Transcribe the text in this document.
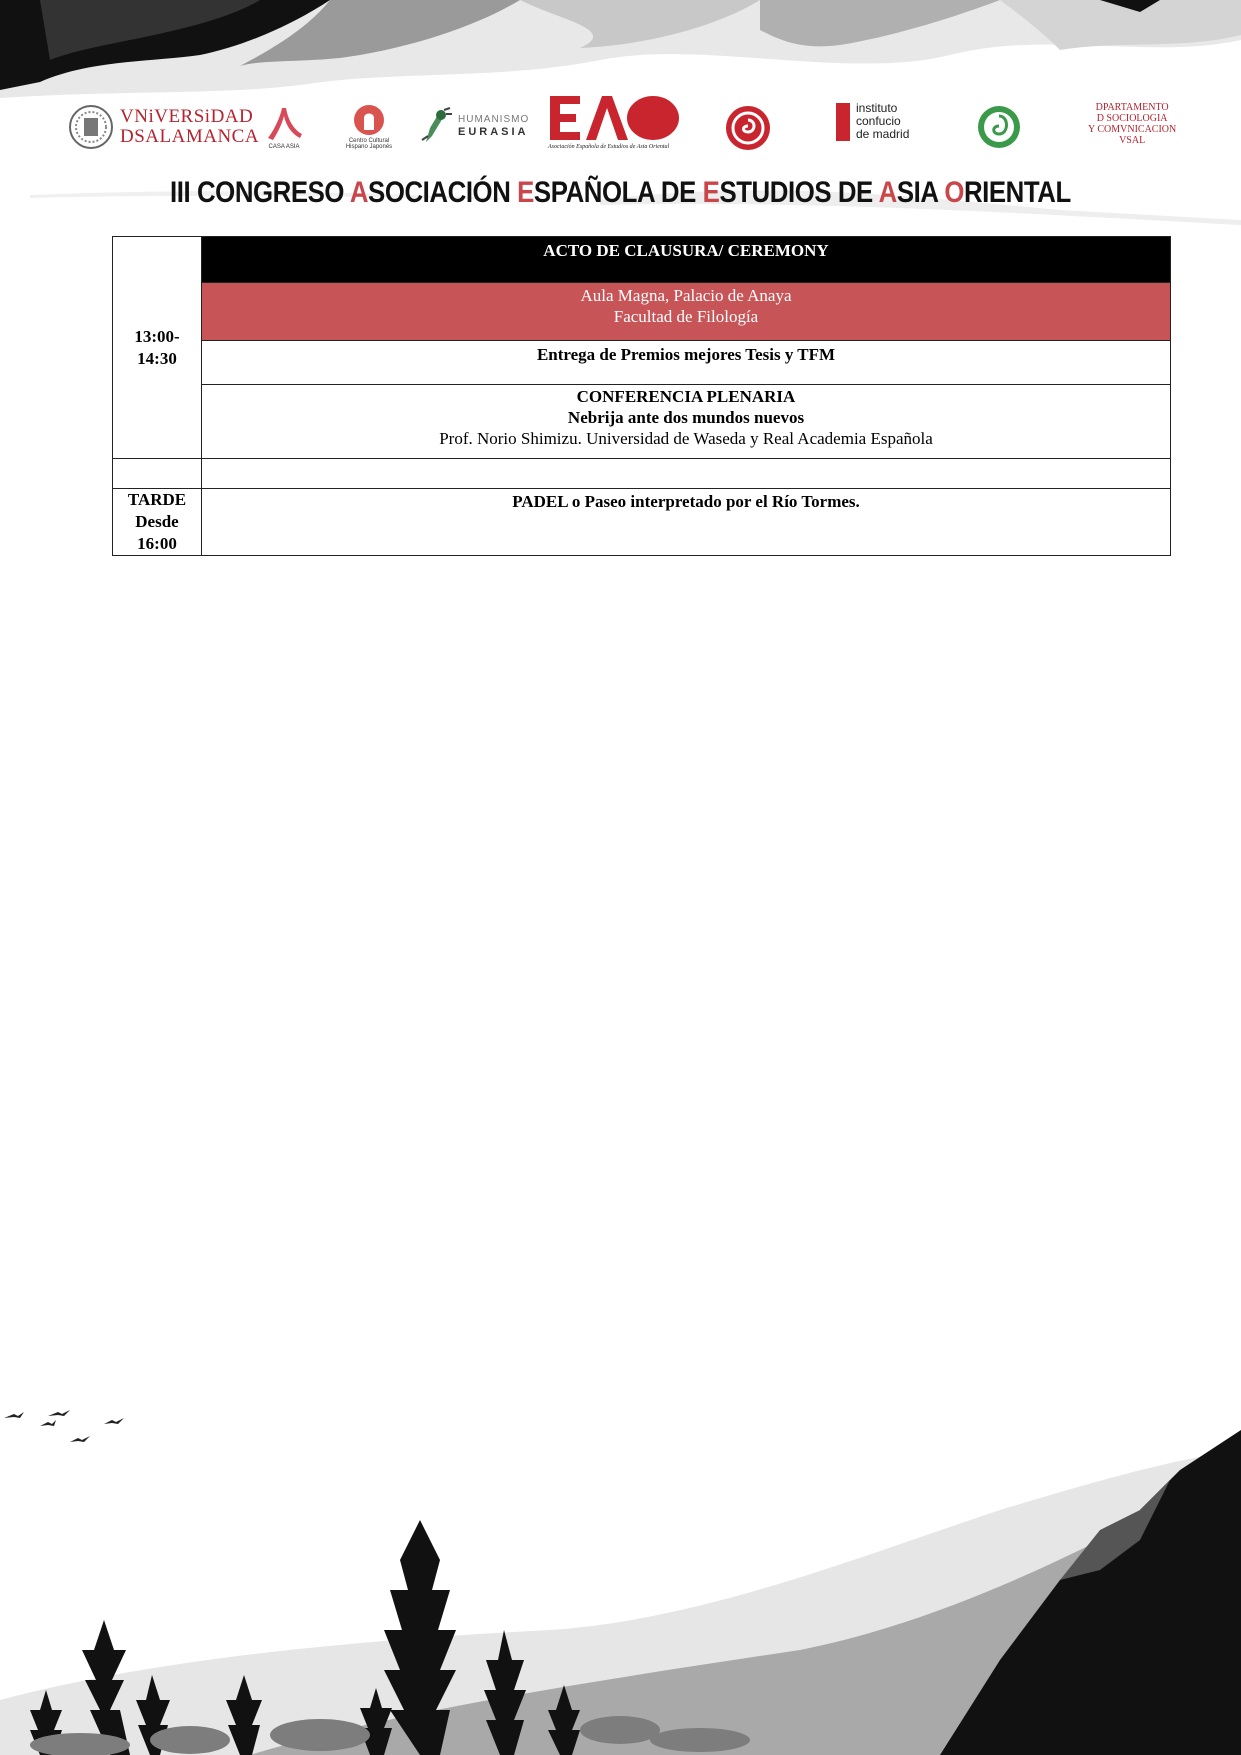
VNiVERSiDAD
DSALAMANCA CASA ASIA
Centro Cultural Hispano Japonés
HUMANISMO
EURASIA
Asociación Española de Estudios de Asia Oriental
instituto
confucio
de madrid
DPARTAMENTO
D SOCIOLOGIA
Y COMVNICACION
VSAL
III CONGRESO ASOCIACIÓN ESPAÑOLA DE ESTUDIOS DE ASIA ORIENTAL
13:00-
14:30	ACTO DE CLAUSURA/ CEREMONY

	Aula Magna, Palacio de Anaya
Facultad de Filología

	Entrega de Premios mejores Tesis y TFM

	CONFERENCIA PLENARIA
Nebrija ante dos mundos nuevos
Prof. Norio Shimizu. Universidad de Waseda y Real Academia Española

TARDE
Desde
16:00	PADEL o Paseo interpretado por el Río Tormes.
7
